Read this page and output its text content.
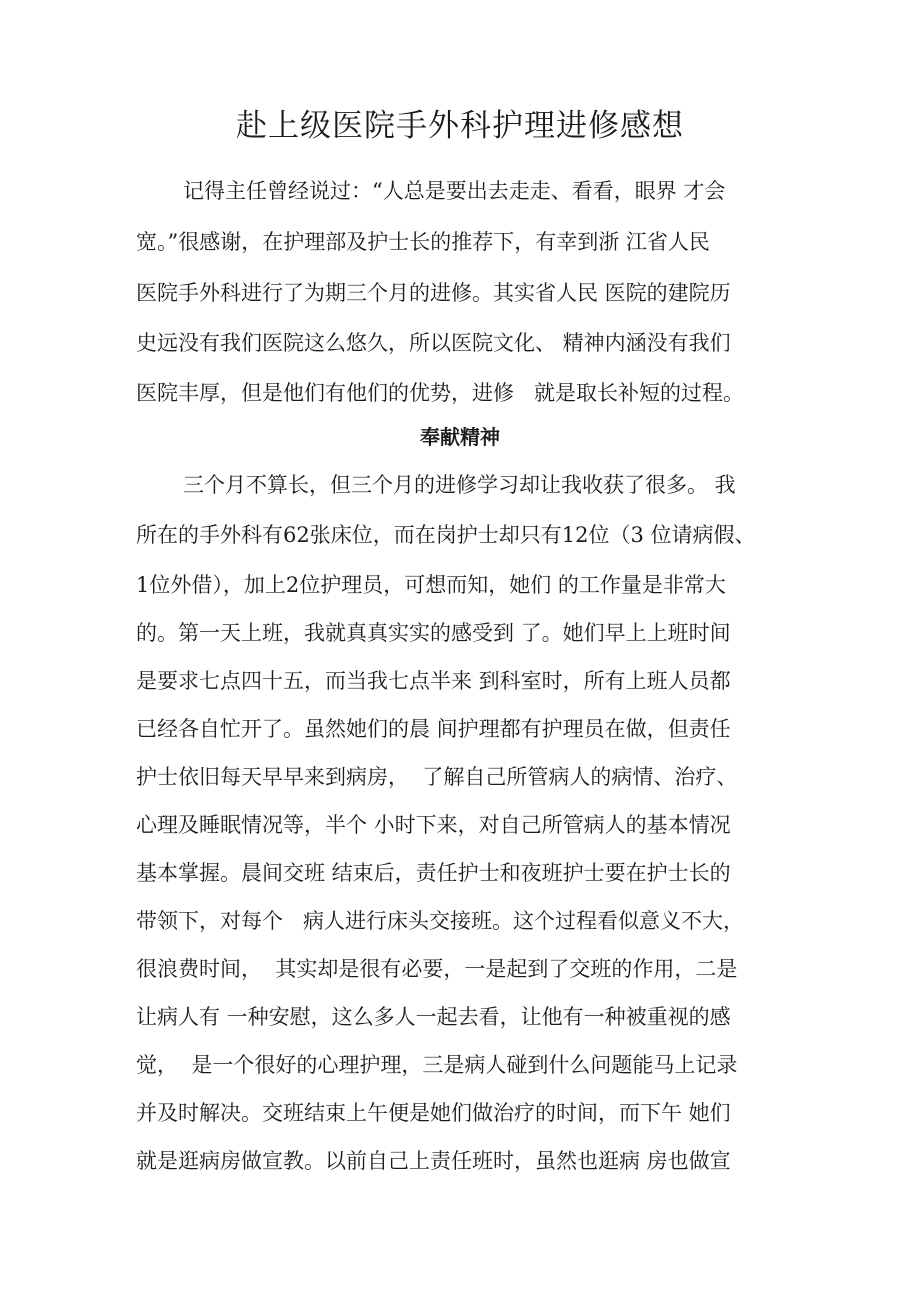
赴上级医院手外科护理进修感想
记得主任曾经说过：“人总是要出去走走、看看，眼界 才会
宽。”很感谢，在护理部及护士长的推荐下，有幸到浙 江省人民
医院手外科进行了为期三个月的进修。其实省人民 医院的建院历
史远没有我们医院这么悠久，所以医院文化、 精神内涵没有我们
医院丰厚，但是他们有他们的优势，进修   就是取长补短的过程。
奉献精神
三个月不算长，但三个月的进修学习却让我收获了很多。 我
所在的手外科有62张床位，而在岗护士却只有12位（3 位请病假、
1位外借），加上2位护理员，可想而知，她们 的工作量是非常大
的。第一天上班，我就真真实实的感受到 了。她们早上上班时间
是要求七点四十五，而当我七点半来 到科室时，所有上班人员都
已经各自忙开了。虽然她们的晨 间护理都有护理员在做，但责任
护士依旧每天早早来到病房，  了解自己所管病人的病情、治疗、
心理及睡眠情况等，半个 小时下来，对自己所管病人的基本情况
基本掌握。晨间交班 结束后，责任护士和夜班护士要在护士长的
带领下，对每个   病人进行床头交接班。这个过程看似意义不大，
很浪费时间，  其实却是很有必要，一是起到了交班的作用，二是
让病人有 一种安慰，这么多人一起去看，让他有一种被重视的感
觉，  是一个很好的心理护理，三是病人碰到什么问题能马上记录
并及时解决。交班结束上午便是她们做治疗的时间，而下午 她们
就是逛病房做宣教。以前自己上责任班时，虽然也逛病 房也做宣
